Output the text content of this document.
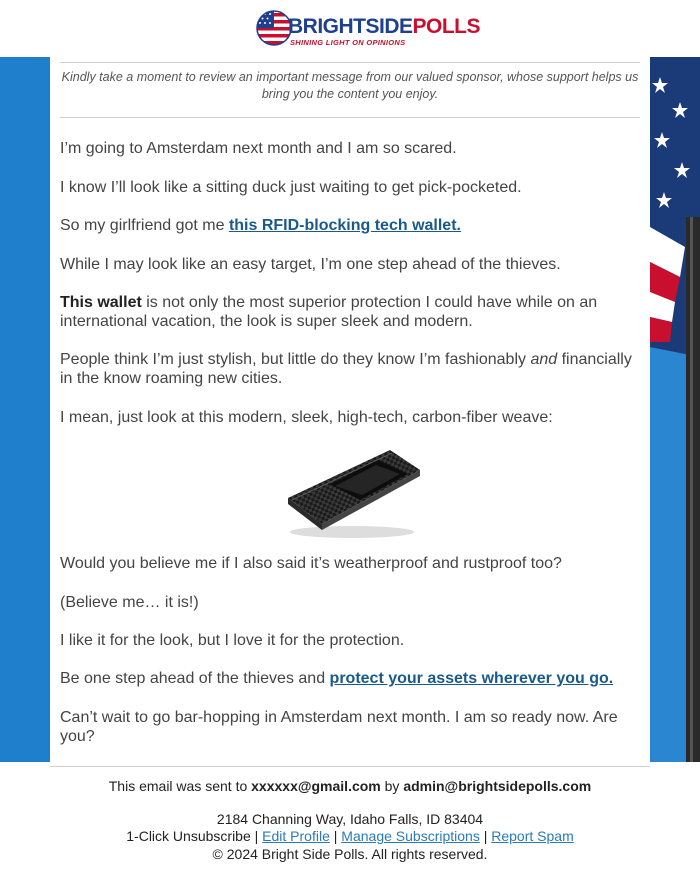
BRIGHTSIDEPOLLS
SHINING LIGHT ON OPINIONS
Kindly take a moment to review an important message from our valued sponsor, whose support helps us bring you the content you enjoy.

I’m going to Amsterdam next month and I am so scared.

I know I’ll look like a sitting duck just waiting to get pick-pocketed.

So my girlfriend got me this RFID-blocking tech wallet.

While I may look like an easy target, I’m one step ahead of the thieves.

This wallet is not only the most superior protection I could have while on an international vacation, the look is super sleek and modern.

People think I’m just stylish, but little do they know I’m fashionably and financially in the know roaming new cities.

I mean, just look at this modern, sleek, high-tech, carbon-fiber weave:

Would you believe me if I also said it’s weatherproof and rustproof too?

(Believe me… it is!)

I like it for the look, but I love it for the protection.

Be one step ahead of the thieves and protect your assets wherever you go.

Can’t wait to go bar-hopping in Amsterdam next month. I am so ready now. Are you?

This email was sent to xxxxxx@gmail.com by admin@brightsidepolls.com
2184 Channing Way, Idaho Falls, ID 83404
1-Click Unsubscribe | Edit Profile | Manage Subscriptions | Report Spam
© 2024 Bright Side Polls. All rights reserved.
